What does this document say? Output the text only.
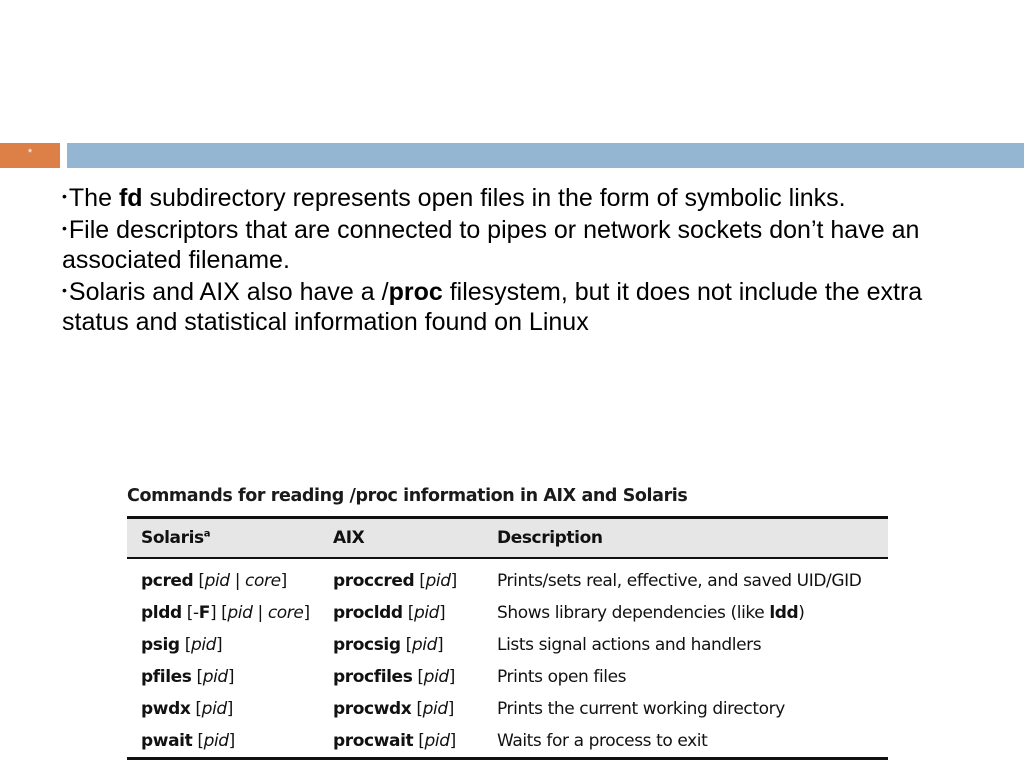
*

•The fd subdirectory represents open files in the form of symbolic links.

•File descriptors that are connected to pipes or network sockets don’t have an associated filename.

•Solaris and AIX also have a /proc filesystem, but it does not include the extra status and statistical information found on Linux

Commands for reading /proc information in AIX and Solaris

Solaris$^a$	AIX	Description
pcred [pid | core]	proccred [pid]	Prints/sets real, effective, and saved UID/GID
pldd [-F] [pid | core]	procldd [pid]	Shows library dependencies (like ldd)
psig [pid]	procsig [pid]	Lists signal actions and handlers
pfiles [pid]	procfiles [pid]	Prints open files
pwdx [pid]	procwdx [pid]	Prints the current working directory
pwait [pid]	procwait [pid]	Waits for a process to exit
